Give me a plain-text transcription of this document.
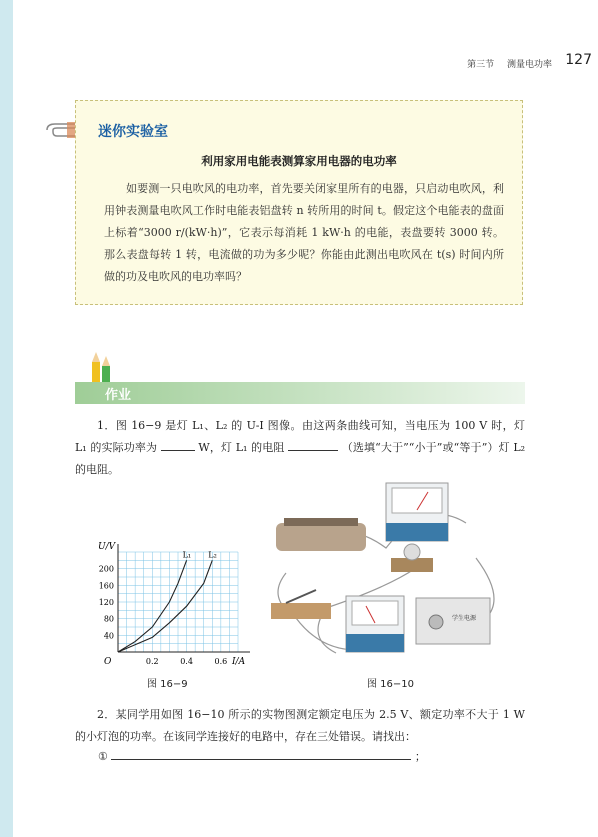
第三节 测量电功率 127
迷你实验室
利用家用电能表测算家用电器的电功率
如要测一只电吹风的电功率，首先要关闭家里所有的电器，只启动电吹风，利用钟表测量电吹风工作时电能表铝盘转 n 转所用的时间 t。假定这个电能表的盘面上标着“3000 r/(kW·h)”，它表示每消耗 1 kW·h 的电能，表盘要转 3000 转。那么表盘每转 1 转，电流做的功为多少呢？你能由此测出电吹风在 t(s) 时间内所做的功及电吹风的电功率吗？
作业
1．图 16−9 是灯 L₁、L₂ 的 U-I 图像。由这两条曲线可知，当电压为 100 V 时，灯 L₁ 的实际功率为	W，灯 L₁ 的电阻	（选填“大于”“小于”或“等于”）灯 L₂ 的电阻。
U/V
I/A
O
200
160
120
80
40
0.2	0.4	0.6
L₁ L₂
图 16−9
学生电源
图 16−10
2．某同学用如图 16−10 所示的实物图测定额定电压为 2.5 V、额定功率不大于 1 W 的小灯泡的功率。在该同学连接好的电路中，存在三处错误。请找出：
①	；
